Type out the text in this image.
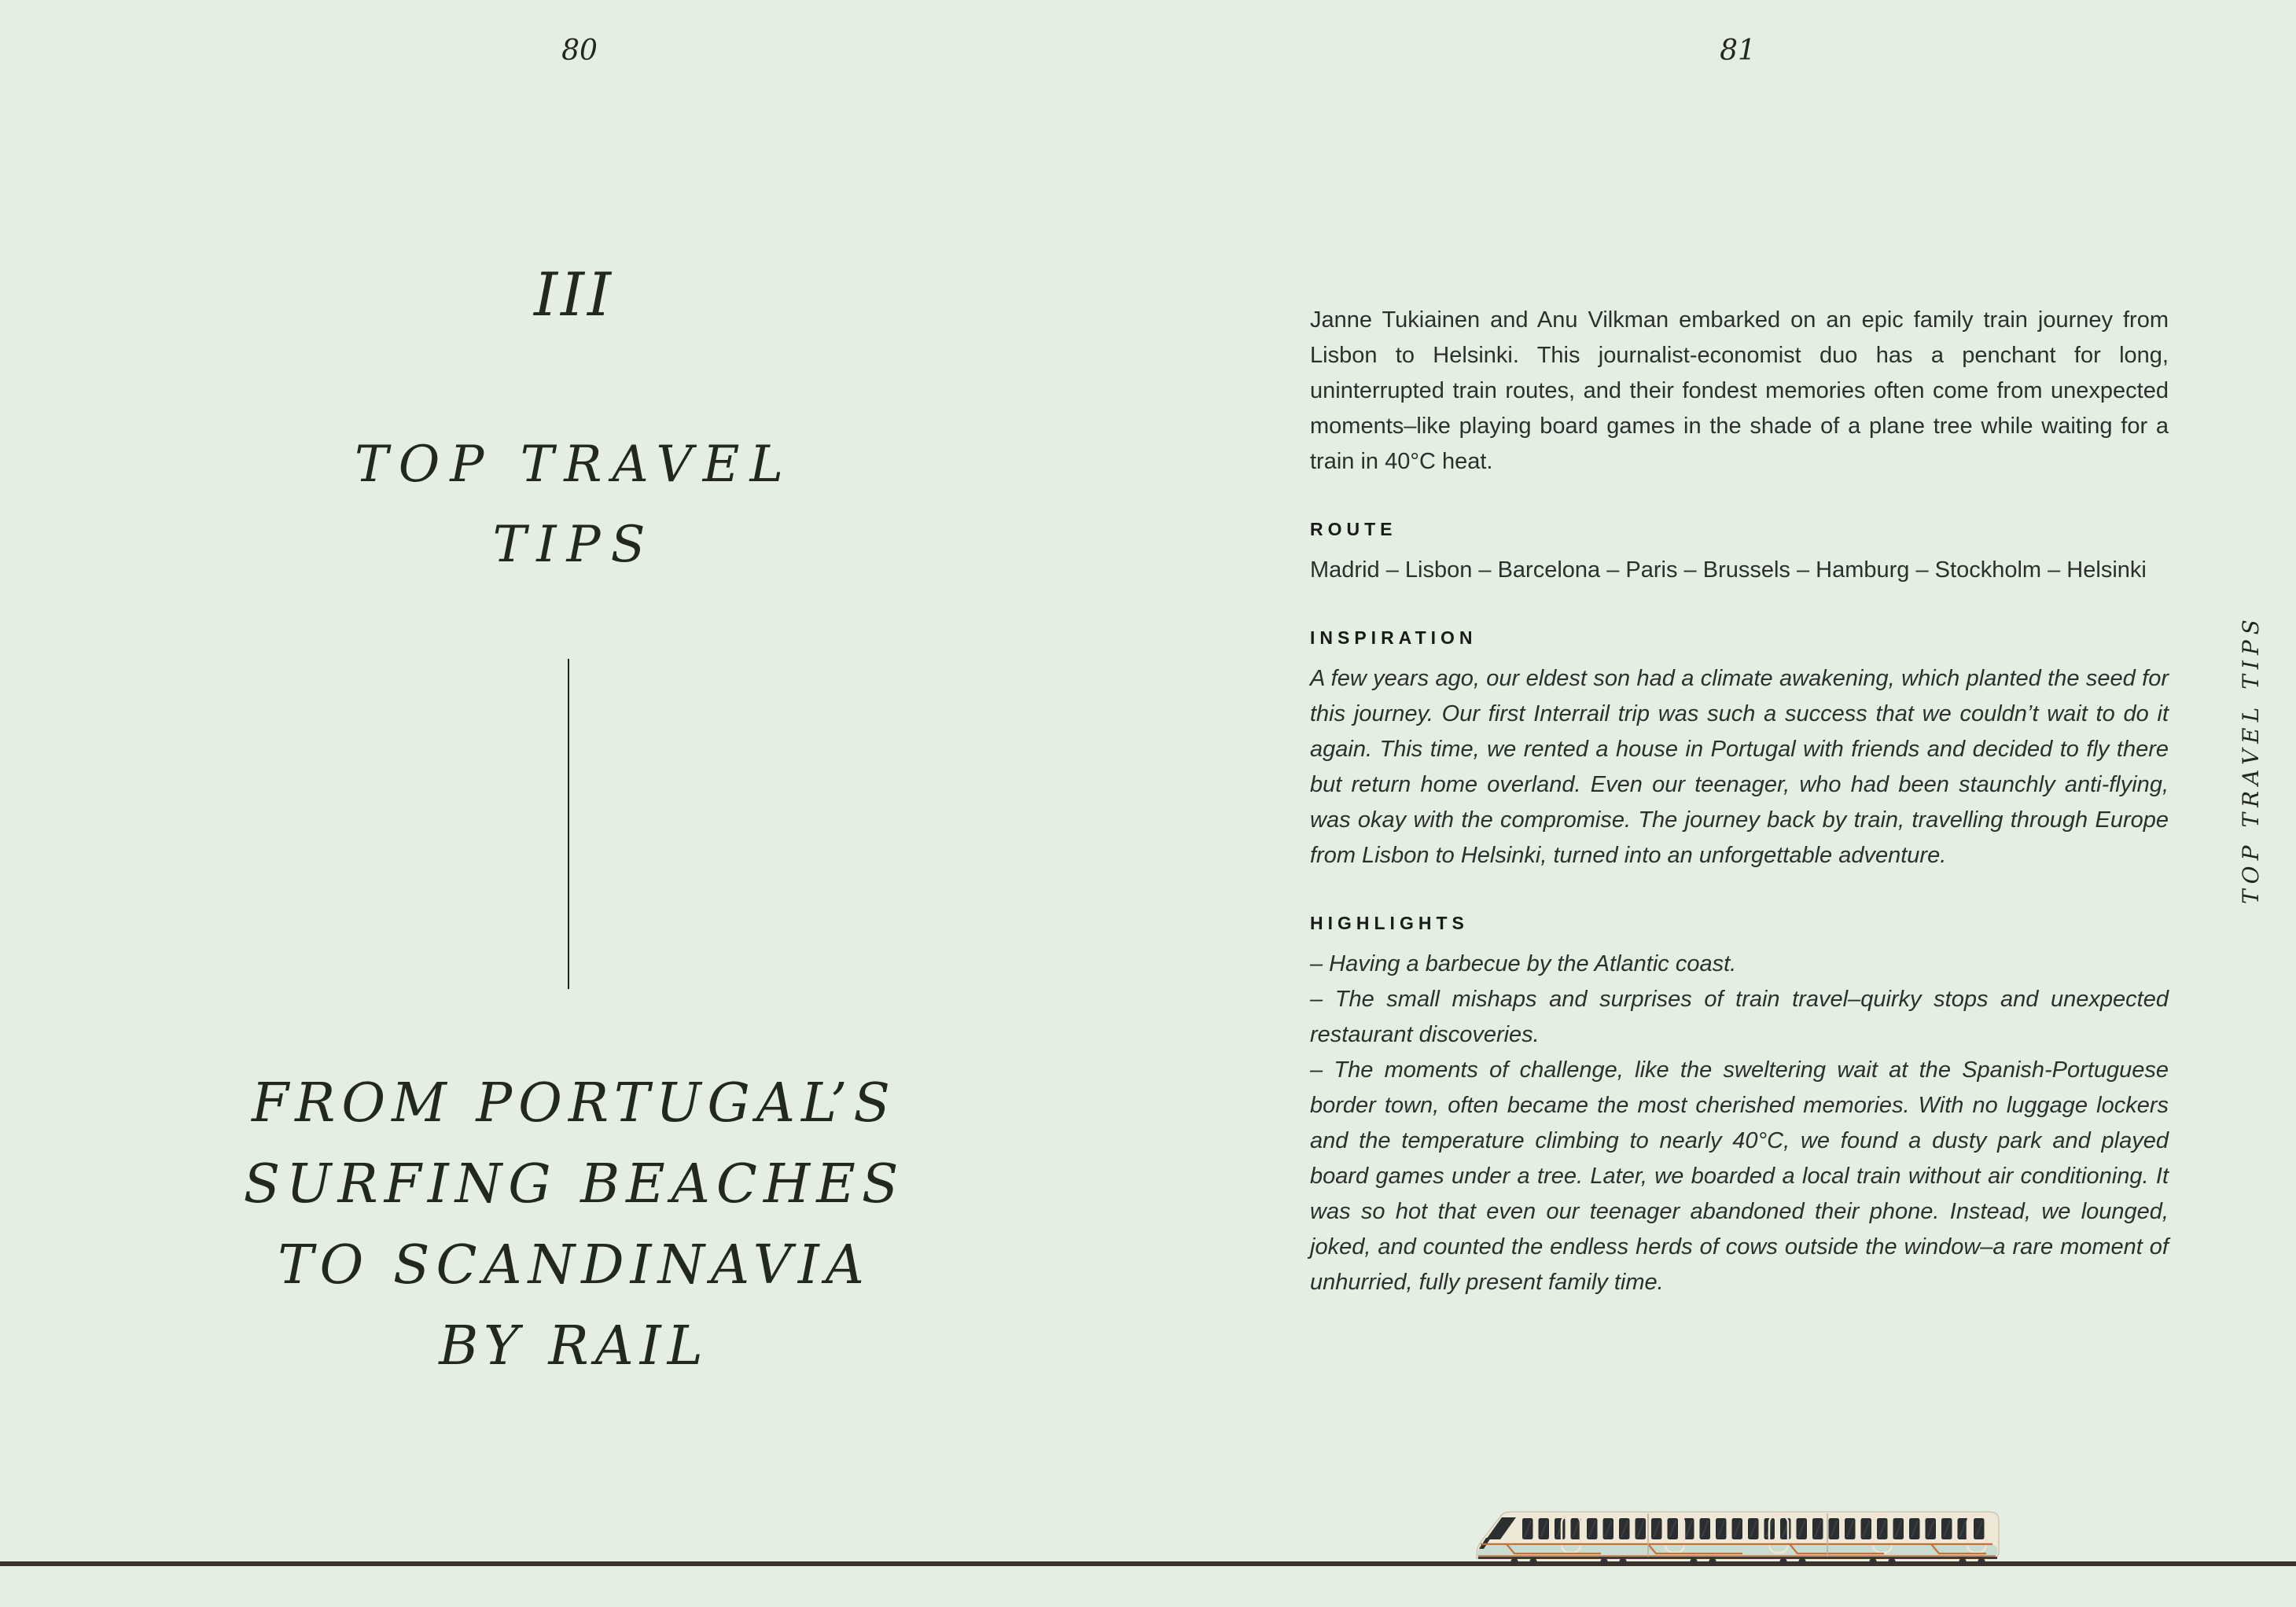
80	81
III
TOP TRAVEL
TIPS
FROM PORTUGAL’S
SURFING BEACHES
TO SCANDINAVIA
BY RAIL

Janne Tukiainen and Anu Vilkman embarked on an epic family train journey from Lisbon to Helsinki. This journalist-economist duo has a penchant for long, uninterrupted train routes, and their fondest memories often come from unexpected moments–like playing board games in the shade of a plane tree while waiting for a train in 40°C heat.

ROUTE

Madrid – Lisbon – Barcelona – Paris – Brussels – Hamburg – Stockholm – Helsinki

INSPIRATION

A few years ago, our eldest son had a climate awakening, which planted the seed for this journey. Our first Interrail trip was such a success that we couldn’t wait to do it again. This time, we rented a house in Portugal with friends and decided to fly there but return home overland. Even our teenager, who had been staunchly anti-flying, was okay with the compromise. The journey back by train, travelling through Europe from Lisbon to Helsinki, turned into an unforgettable adventure.

HIGHLIGHTS

– Having a barbecue by the Atlantic coast.

– The small mishaps and surprises of train travel–quirky stops and unexpected restaurant discoveries.

– The moments of challenge, like the sweltering wait at the Spanish-Portuguese border town, often became the most cherished memories. With no luggage lockers and the temperature climbing to nearly 40°C, we found a dusty park and played board games under a tree. Later, we boarded a local train without air conditioning. It was so hot that even our teenager abandoned their phone. Instead, we lounged, joked, and counted the endless herds of cows outside the window–a rare moment of unhurried, fully present family time.

TOP TRAVEL TIPS
